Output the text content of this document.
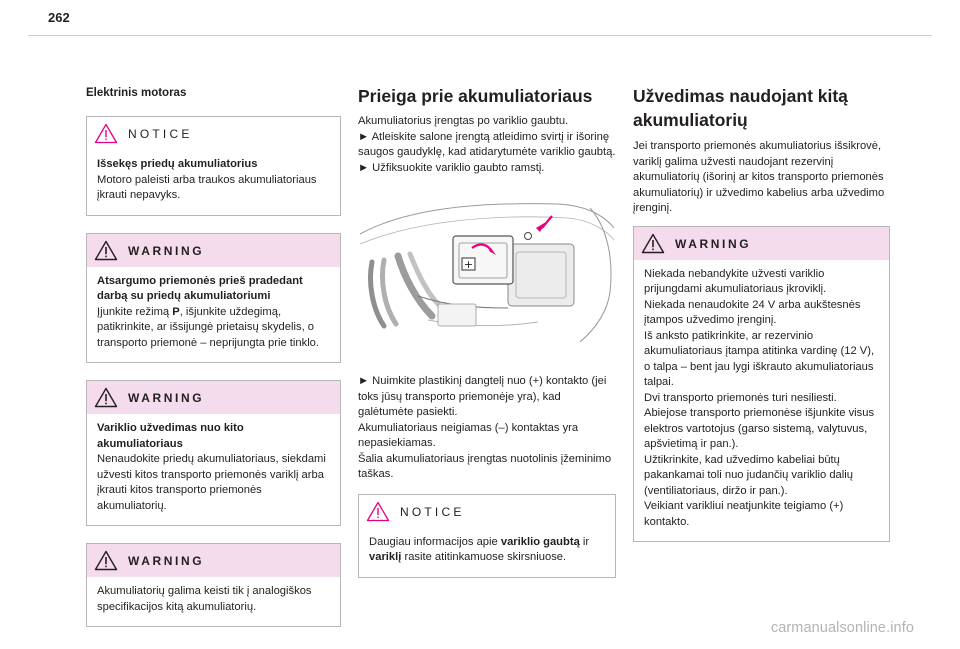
262
Elektrinis motoras
NOTICE

Išsekęs priedų akumuliatorius
Motoro paleisti arba traukos akumuliatoriaus įkrauti nepavyks.

WARNING

Atsargumo priemonės prieš pradedant darbą su priedų akumuliatoriumi
Įjunkite režimą P, išjunkite uždegimą, patikrinkite, ar išsijungė prietaisų skydelis, o transporto priemonė – neprijungta prie tinklo.

WARNING

Variklio užvedimas nuo kito akumuliatoriaus
Nenaudokite priedų akumuliatoriaus, siekdami užvesti kitos transporto priemonės variklį arba įkrauti kitos transporto priemonės akumuliatorių.

WARNING

Akumuliatorių galima keisti tik į analogiškos specifikacijos kitą akumuliatorių.

Prieiga prie akumuliatoriaus

Akumuliatorius įrengtas po variklio gaubtu.

► Atleiskite salone įrengtą atleidimo svirtį ir išorinę saugos gaudyklę, kad atidarytumėte variklio gaubtą.

► Užfiksuokite variklio gaubto ramstį.

+

► Nuimkite plastikinį dangtelį nuo (+) kontakto (jei toks jūsų transporto priemonėje yra), kad galėtumėte pasiekti.

Akumuliatoriaus neigiamas (–) kontaktas yra nepasiekiamas.

Šalia akumuliatoriaus įrengtas nuotolinis įžeminimo taškas.

NOTICE

Daugiau informacijos apie variklio gaubtą ir variklį rasite atitinkamuose skirsniuose.

Užvedimas naudojant kitą akumuliatorių

Jei transporto priemonės akumuliatorius išsikrovė, variklį galima užvesti naudojant rezervinį akumuliatorių (išorinį ar kitos transporto priemonės akumuliatorių) ir užvedimo kabelius arba užvedimo įrenginį.

WARNING

Niekada nebandykite užvesti variklio prijungdami akumuliatoriaus įkroviklį.
Niekada nenaudokite 24 V arba aukštesnės įtampos užvedimo įrenginį.
Iš anksto patikrinkite, ar rezervinio akumuliatoriaus įtampa atitinka vardinę (12 V), o talpa – bent jau lygi iškrauto akumuliatoriaus talpai.
Dvi transporto priemonės turi nesiliesti.
Abiejose transporto priemonėse išjunkite visus elektros vartotojus (garso sistemą, valytuvus, apšvietimą ir pan.).
Užtikrinkite, kad užvedimo kabeliai būtų pakankamai toli nuo judančių variklio dalių (ventiliatoriaus, diržo ir pan.).
Veikiant varikliui neatjunkite teigiamo (+) kontakto.

carmanualsonline.info
